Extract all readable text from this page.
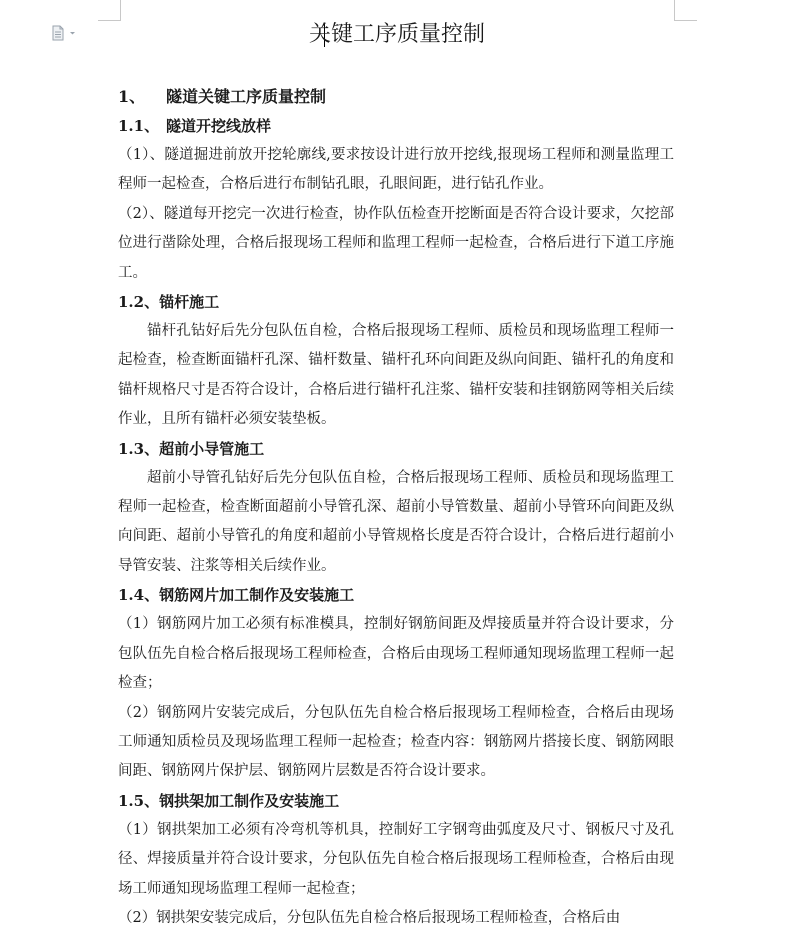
关键工序质量控制
1、 隧道关键工序质量控制
1.1、 隧道开挖线放样

（1）、隧道掘进前放开挖轮廓线,要求按设计进行放开挖线,报现场工程师和测量监理工程师一起检查，合格后进行布制钻孔眼，孔眼间距，进行钻孔作业。

（2）、隧道每开挖完一次进行检查，协作队伍检查开挖断面是否符合设计要求，欠挖部位进行凿除处理，合格后报现场工程师和监理工程师一起检查，合格后进行下道工序施工。

1.2、锚杆施工

锚杆孔钻好后先分包队伍自检，合格后报现场工程师、质检员和现场监理工程师一起检查，检查断面锚杆孔深、锚杆数量、锚杆孔环向间距及纵向间距、锚杆孔的角度和锚杆规格尺寸是否符合设计，合格后进行锚杆孔注浆、锚杆安装和挂钢筋网等相关后续作业，且所有锚杆必须安装垫板。

1.3、超前小导管施工

超前小导管孔钻好后先分包队伍自检，合格后报现场工程师、质检员和现场监理工程师一起检查，检查断面超前小导管孔深、超前小导管数量、超前小导管环向间距及纵向间距、超前小导管孔的角度和超前小导管规格长度是否符合设计，合格后进行超前小导管安装、注浆等相关后续作业。

1.4、钢筋网片加工制作及安装施工

（1）钢筋网片加工必须有标准模具，控制好钢筋间距及焊接质量并符合设计要求，分包队伍先自检合格后报现场工程师检查，合格后由现场工程师通知现场监理工程师一起检查；

（2）钢筋网片安装完成后，分包队伍先自检合格后报现场工程师检查，合格后由现场工师通知质检员及现场监理工程师一起检查；检查内容：钢筋网片搭接长度、钢筋网眼间距、钢筋网片保护层、钢筋网片层数是否符合设计要求。

1.5、钢拱架加工制作及安装施工

（1）钢拱架加工必须有冷弯机等机具，控制好工字钢弯曲弧度及尺寸、钢板尺寸及孔径、焊接质量并符合设计要求，分包队伍先自检合格后报现场工程师检查，合格后由现场工师通知现场监理工程师一起检查；

（2）钢拱架安装完成后，分包队伍先自检合格后报现场工程师检查，合格后由
